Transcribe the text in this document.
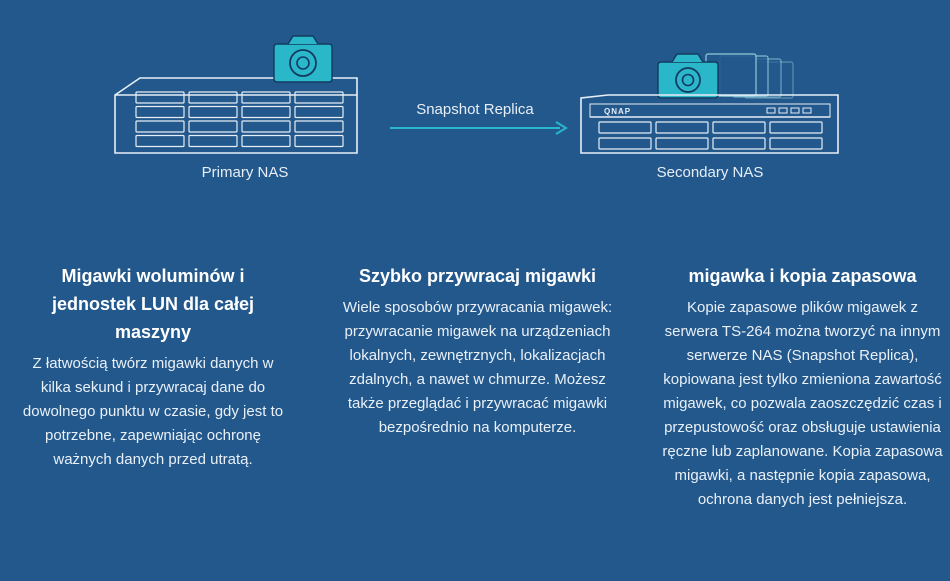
QNAP
Snapshot Replica
Primary NAS	Secondary NAS
Migawki woluminów i jednostek LUN dla całej maszyny

Z łatwością twórz migawki danych w kilka sekund i przywracaj dane do dowolnego punktu w czasie, gdy jest to potrzebne, zapewniając ochronę ważnych danych przed utratą.

Szybko przywracaj migawki

Wiele sposobów przywracania migawek: przywracanie migawek na urządzeniach lokalnych, zewnętrznych, lokalizacjach zdalnych, a nawet w chmurze. Możesz także przeglądać i przywracać migawki bezpośrednio na komputerze.

migawka i kopia zapasowa

Kopie zapasowe plików migawek z serwera TS-264 można tworzyć na innym serwerze NAS (Snapshot Replica), kopiowana jest tylko zmieniona zawartość migawek, co pozwala zaoszczędzić czas i przepustowość oraz obsługuje ustawienia ręczne lub zaplanowane. Kopia zapasowa migawki, a następnie kopia zapasowa, ochrona danych jest pełniejsza.
